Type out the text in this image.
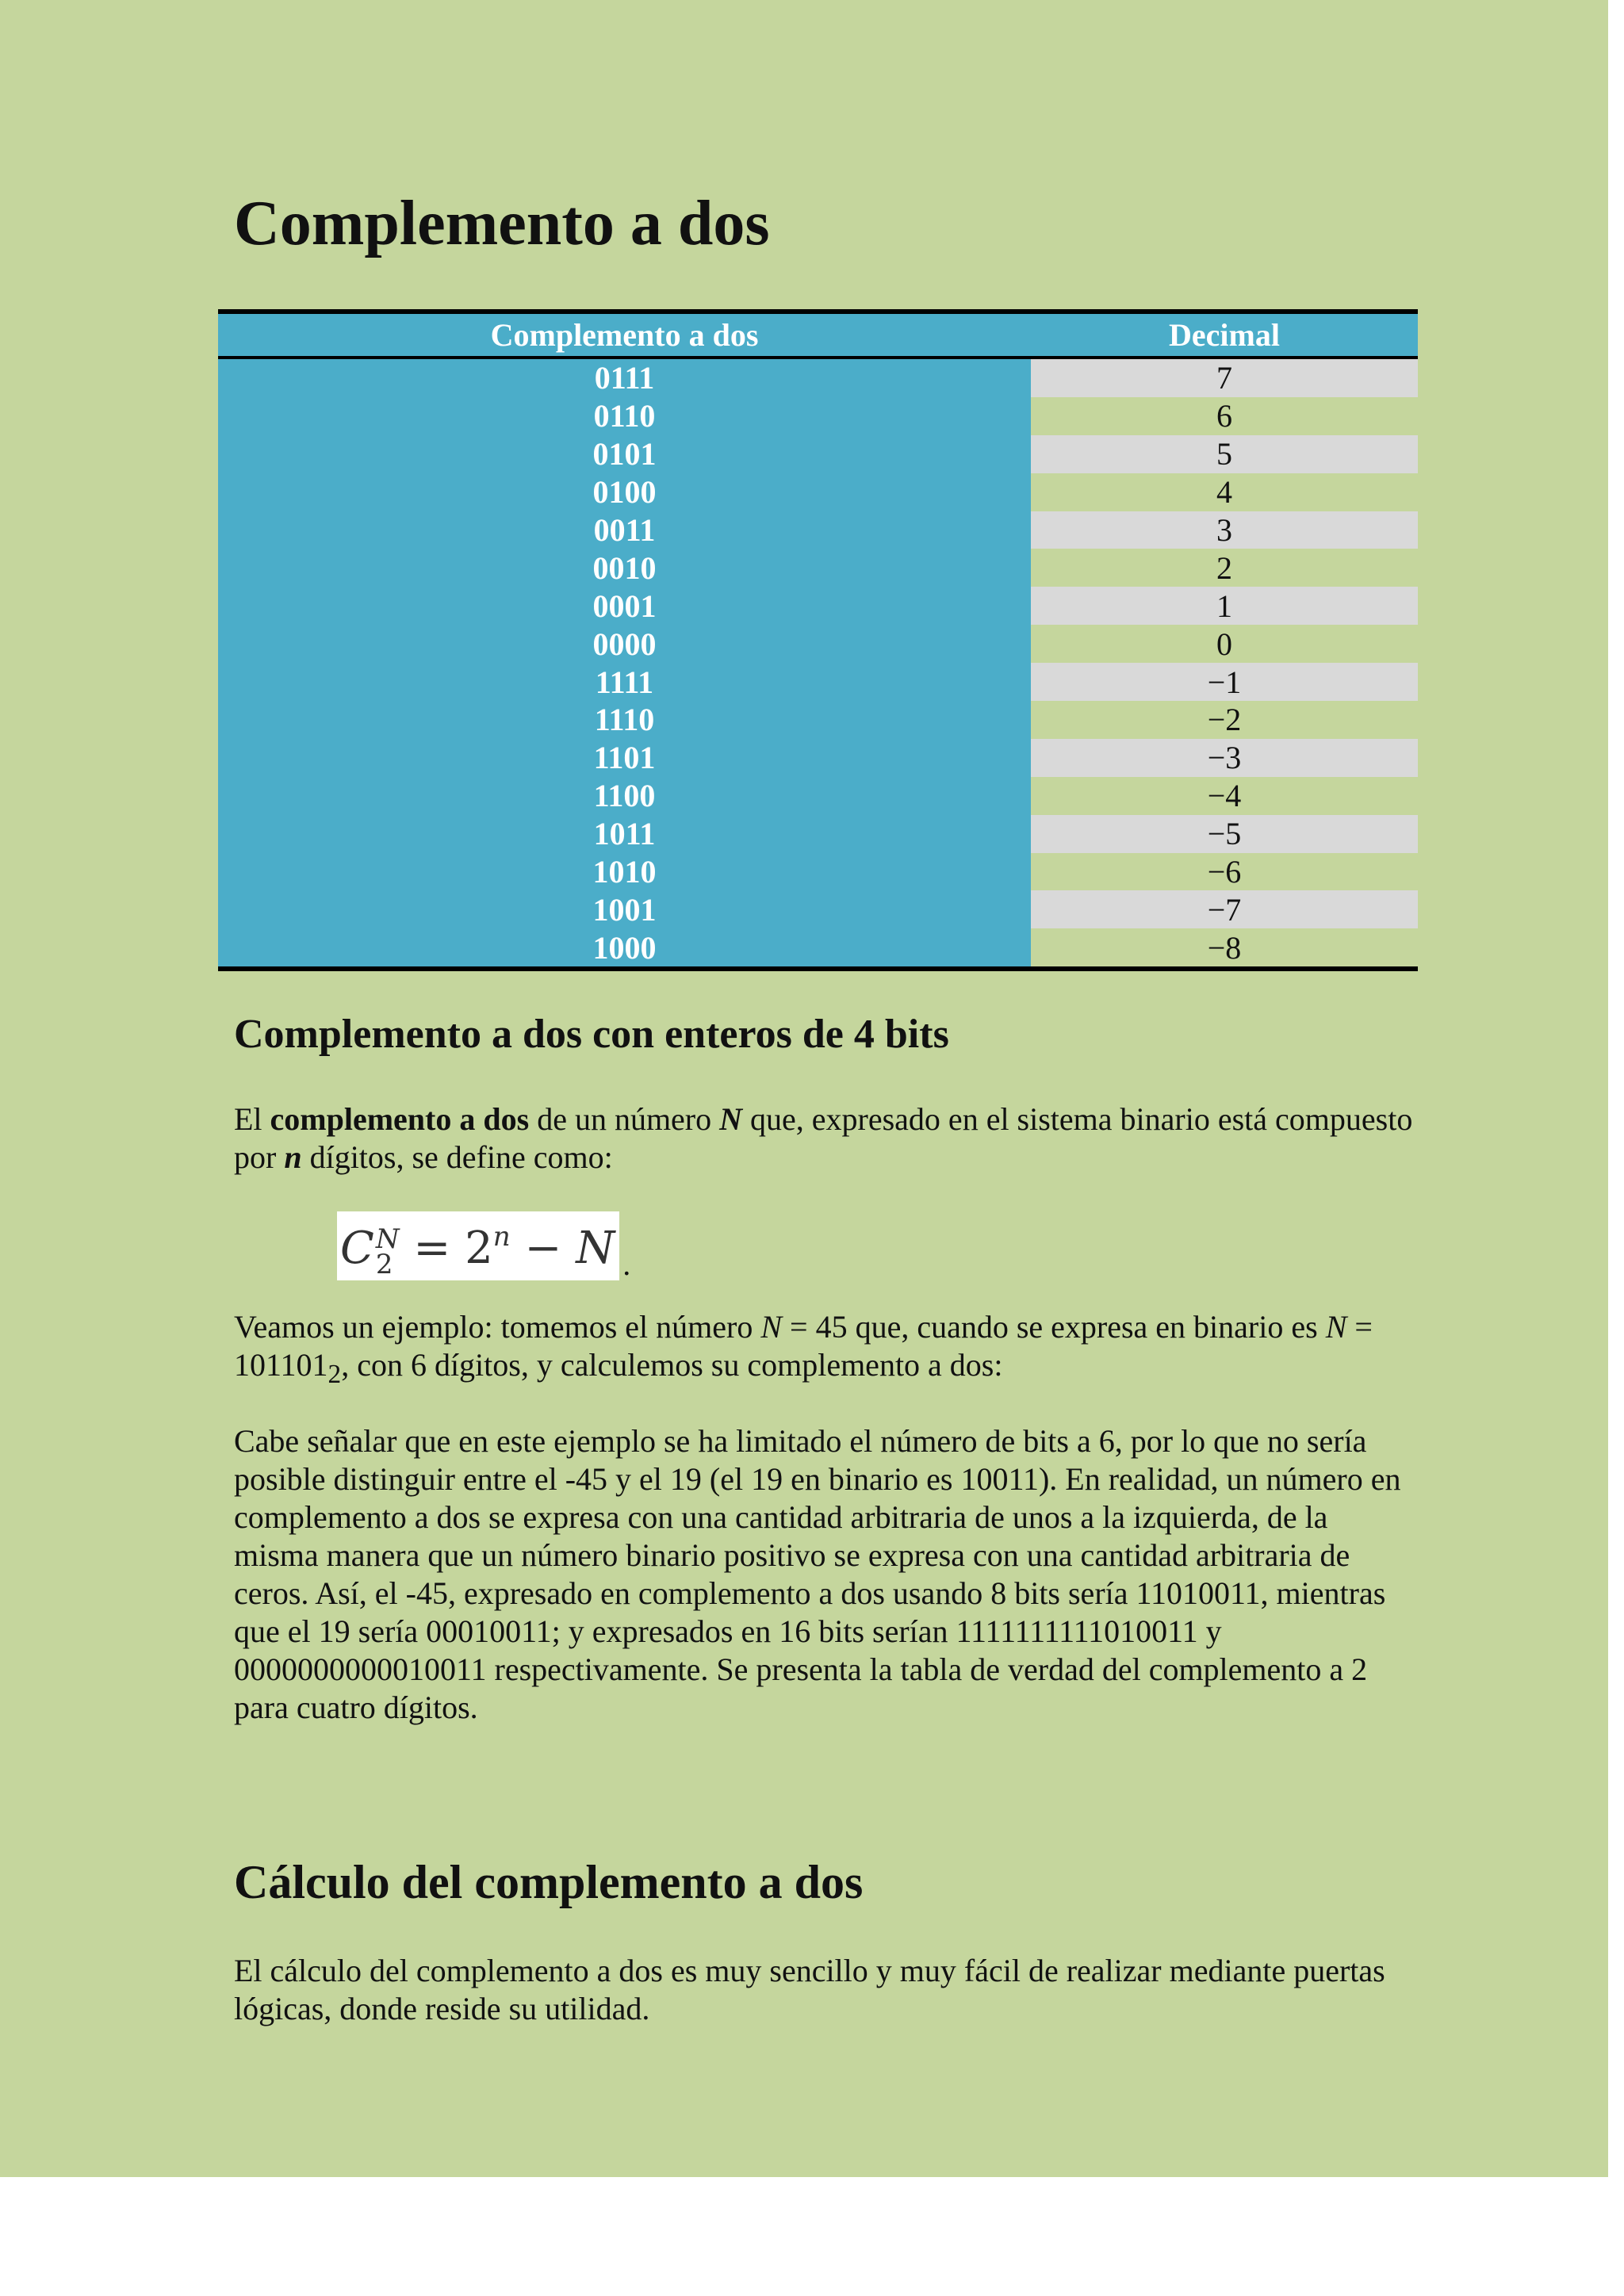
Complemento a dos
Complemento a dos	Decimal
0111	7
0110	6
0101	5
0100	4
0011	3
0010	2
0001	1
0000	0
1111	−1
1110	−2
1101	−3
1100	−4
1011	−5
1010	−6
1001	−7
1000	−8
Complemento a dos con enteros de 4 bits

El complemento a dos de un número N que, expresado en el sistema binario está compuesto por n dígitos, se define como:

C N
$2 = 2^n - N$ .

Veamos un ejemplo: tomemos el número N = 45 que, cuando se expresa en binario es $N = 101101_2$, con 6 dígitos, y calculemos su complemento a dos:

Cabe señalar que en este ejemplo se ha limitado el número de bits a 6, por lo que no sería posible distinguir entre el -45 y el 19 (el 19 en binario es 10011). En realidad, un número en complemento a dos se expresa con una cantidad arbitraria de unos a la izquierda, de la misma manera que un número binario positivo se expresa con una cantidad arbitraria de ceros. Así, el -45, expresado en complemento a dos usando 8 bits sería 11010011, mientras que el 19 sería 00010011; y expresados en 16 bits serían 1111111111010011 y 0000000000010011 respectivamente. Se presenta la tabla de verdad del complemento a 2 para cuatro dígitos.

Cálculo del complemento a dos

El cálculo del complemento a dos es muy sencillo y muy fácil de realizar mediante puertas lógicas, donde reside su utilidad.
